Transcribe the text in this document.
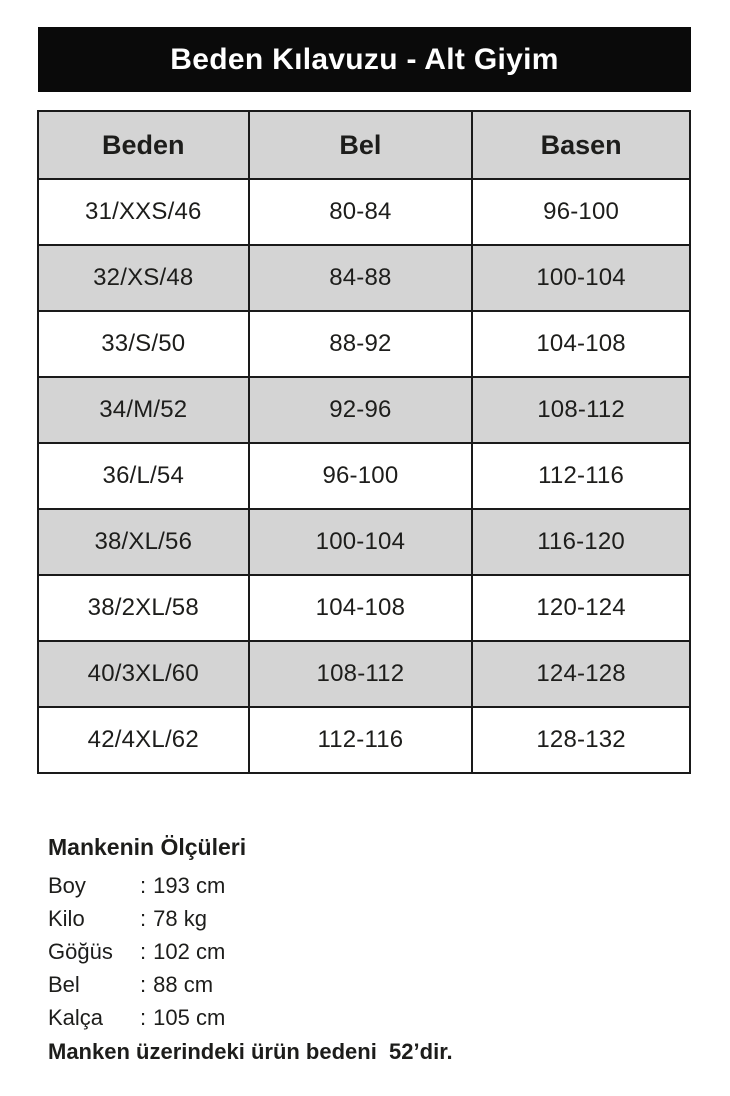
Beden Kılavuzu - Alt Giyim
Beden	Bel	Basen
31/XXS/46	80-84	96-100
32/XS/48	84-88	100-104
33/S/50	88-92	104-108
34/M/52	92-96	108-112
36/L/54	96-100	112-116
38/XL/56	100-104	116-120
38/2XL/58	104-108	120-124
40/3XL/60	108-112	124-128
42/4XL/62	112-116	128-132
Mankenin Ölçüleri
Boy	: 193 cm
Kilo	: 78 kg
Göğüs	: 102 cm
Bel	: 88 cm
Kalça	: 105 cm
Manken üzerindeki ürün bedeni  52’dir.
